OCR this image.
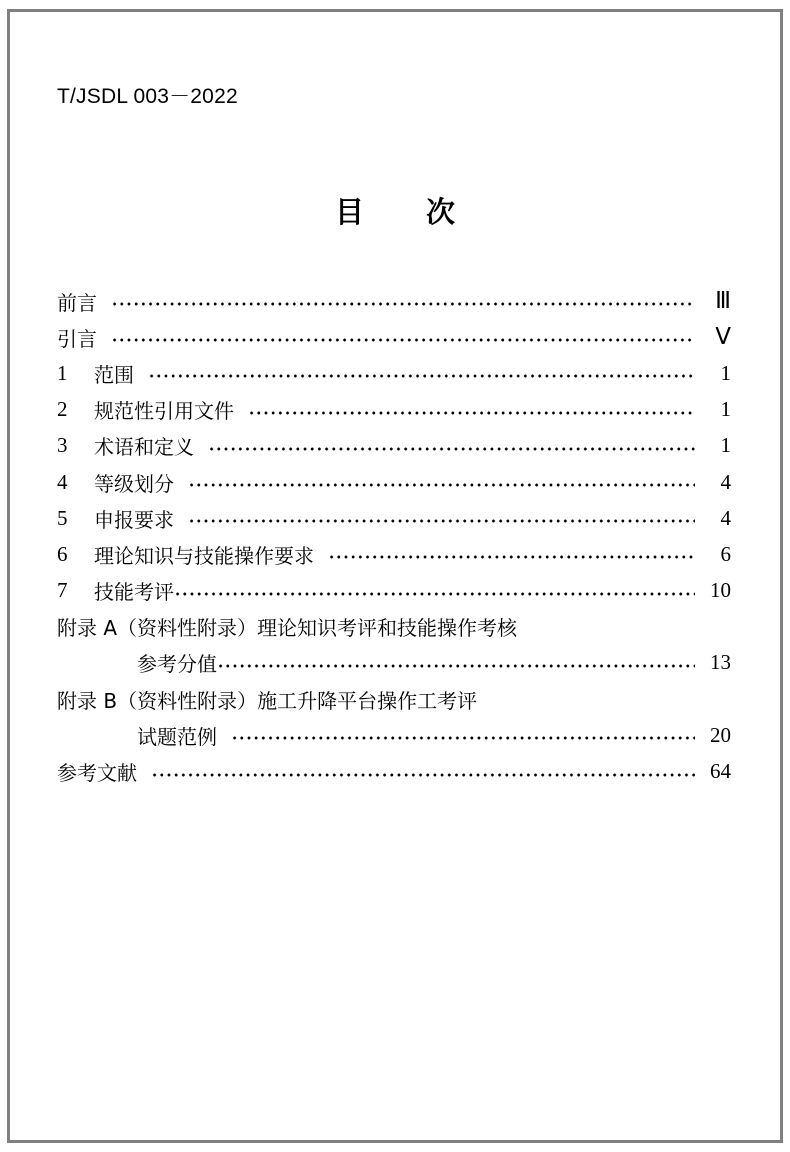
T/JSDL 003－2022
目 次
前言	Ⅲ
引言	Ⅴ
1	范围	1
2	规范性引用文件	1
3	术语和定义	1
4	等级划分	4
5	申报要求	4
6	理论知识与技能操作要求	6
7	技能考评	10
附录 A（资料性附录）理论知识考评和技能操作考核
参考分值	13
附录 B（资料性附录）施工升降平台操作工考评
试题范例	20
参考文献	64
